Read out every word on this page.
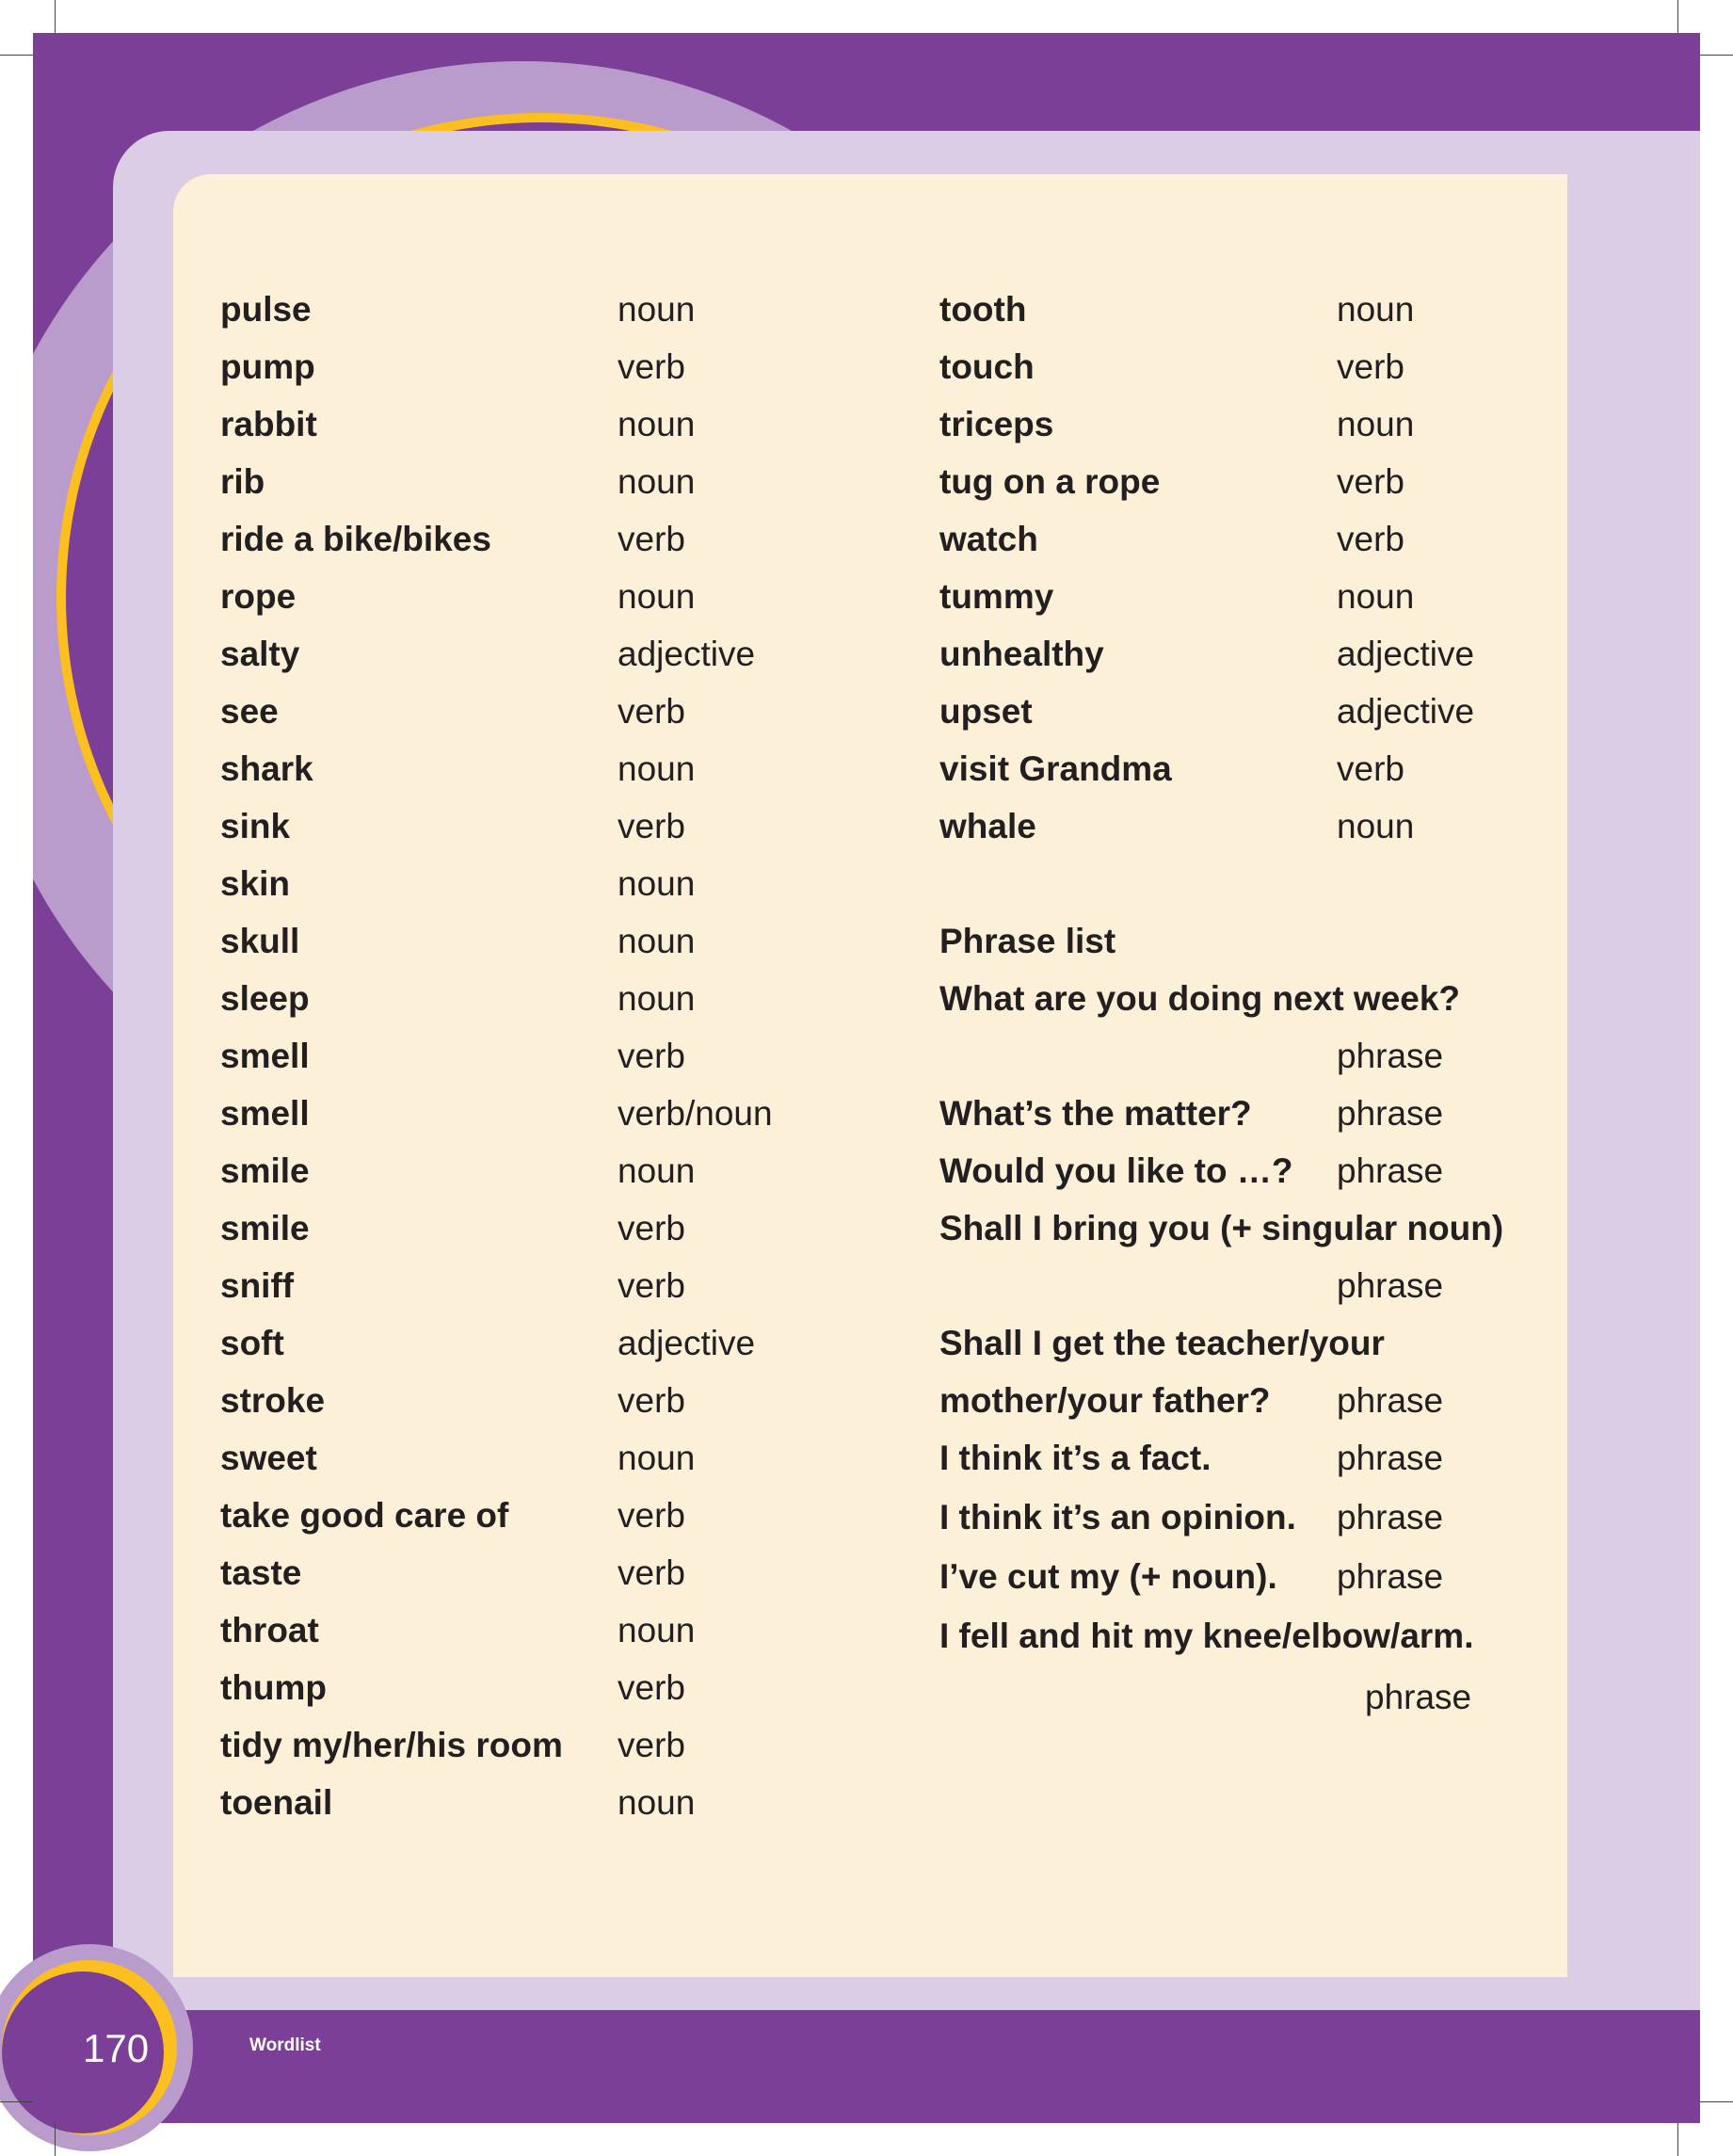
170	Wordlist
pulse	noun
pump	verb
rabbit	noun
rib	noun
ride a bike/bikes	verb
rope	noun
salty	adjective
see	verb
shark	noun
sink	verb
skin	noun
skull	noun
sleep	noun
smell	verb
smell	verb/noun
smile	noun
smile	verb
sniff	verb
soft	adjective
stroke	verb
sweet	noun
take good care of	verb
taste	verb
throat	noun
thump	verb
tidy my/her/his room verb
toenail	noun
tooth	noun
touch	verb
triceps	noun
tug on a rope	verb
watch	verb
tummy	noun
unhealthy	adjective
upset	adjective
visit Grandma	verb
whale	noun
Phrase list
What are you doing next week?
phrase
What’s the matter? phrase
Would you like to …? phrase
Shall I bring you (+ singular noun)
phrase
Shall I get the teacher/your
mother/your father? phrase
I think it’s a fact.	phrase
I think it’s an opinion. phrase
I’ve cut my (+ noun). phrase
I fell and hit my knee/elbow/arm.
phrase
